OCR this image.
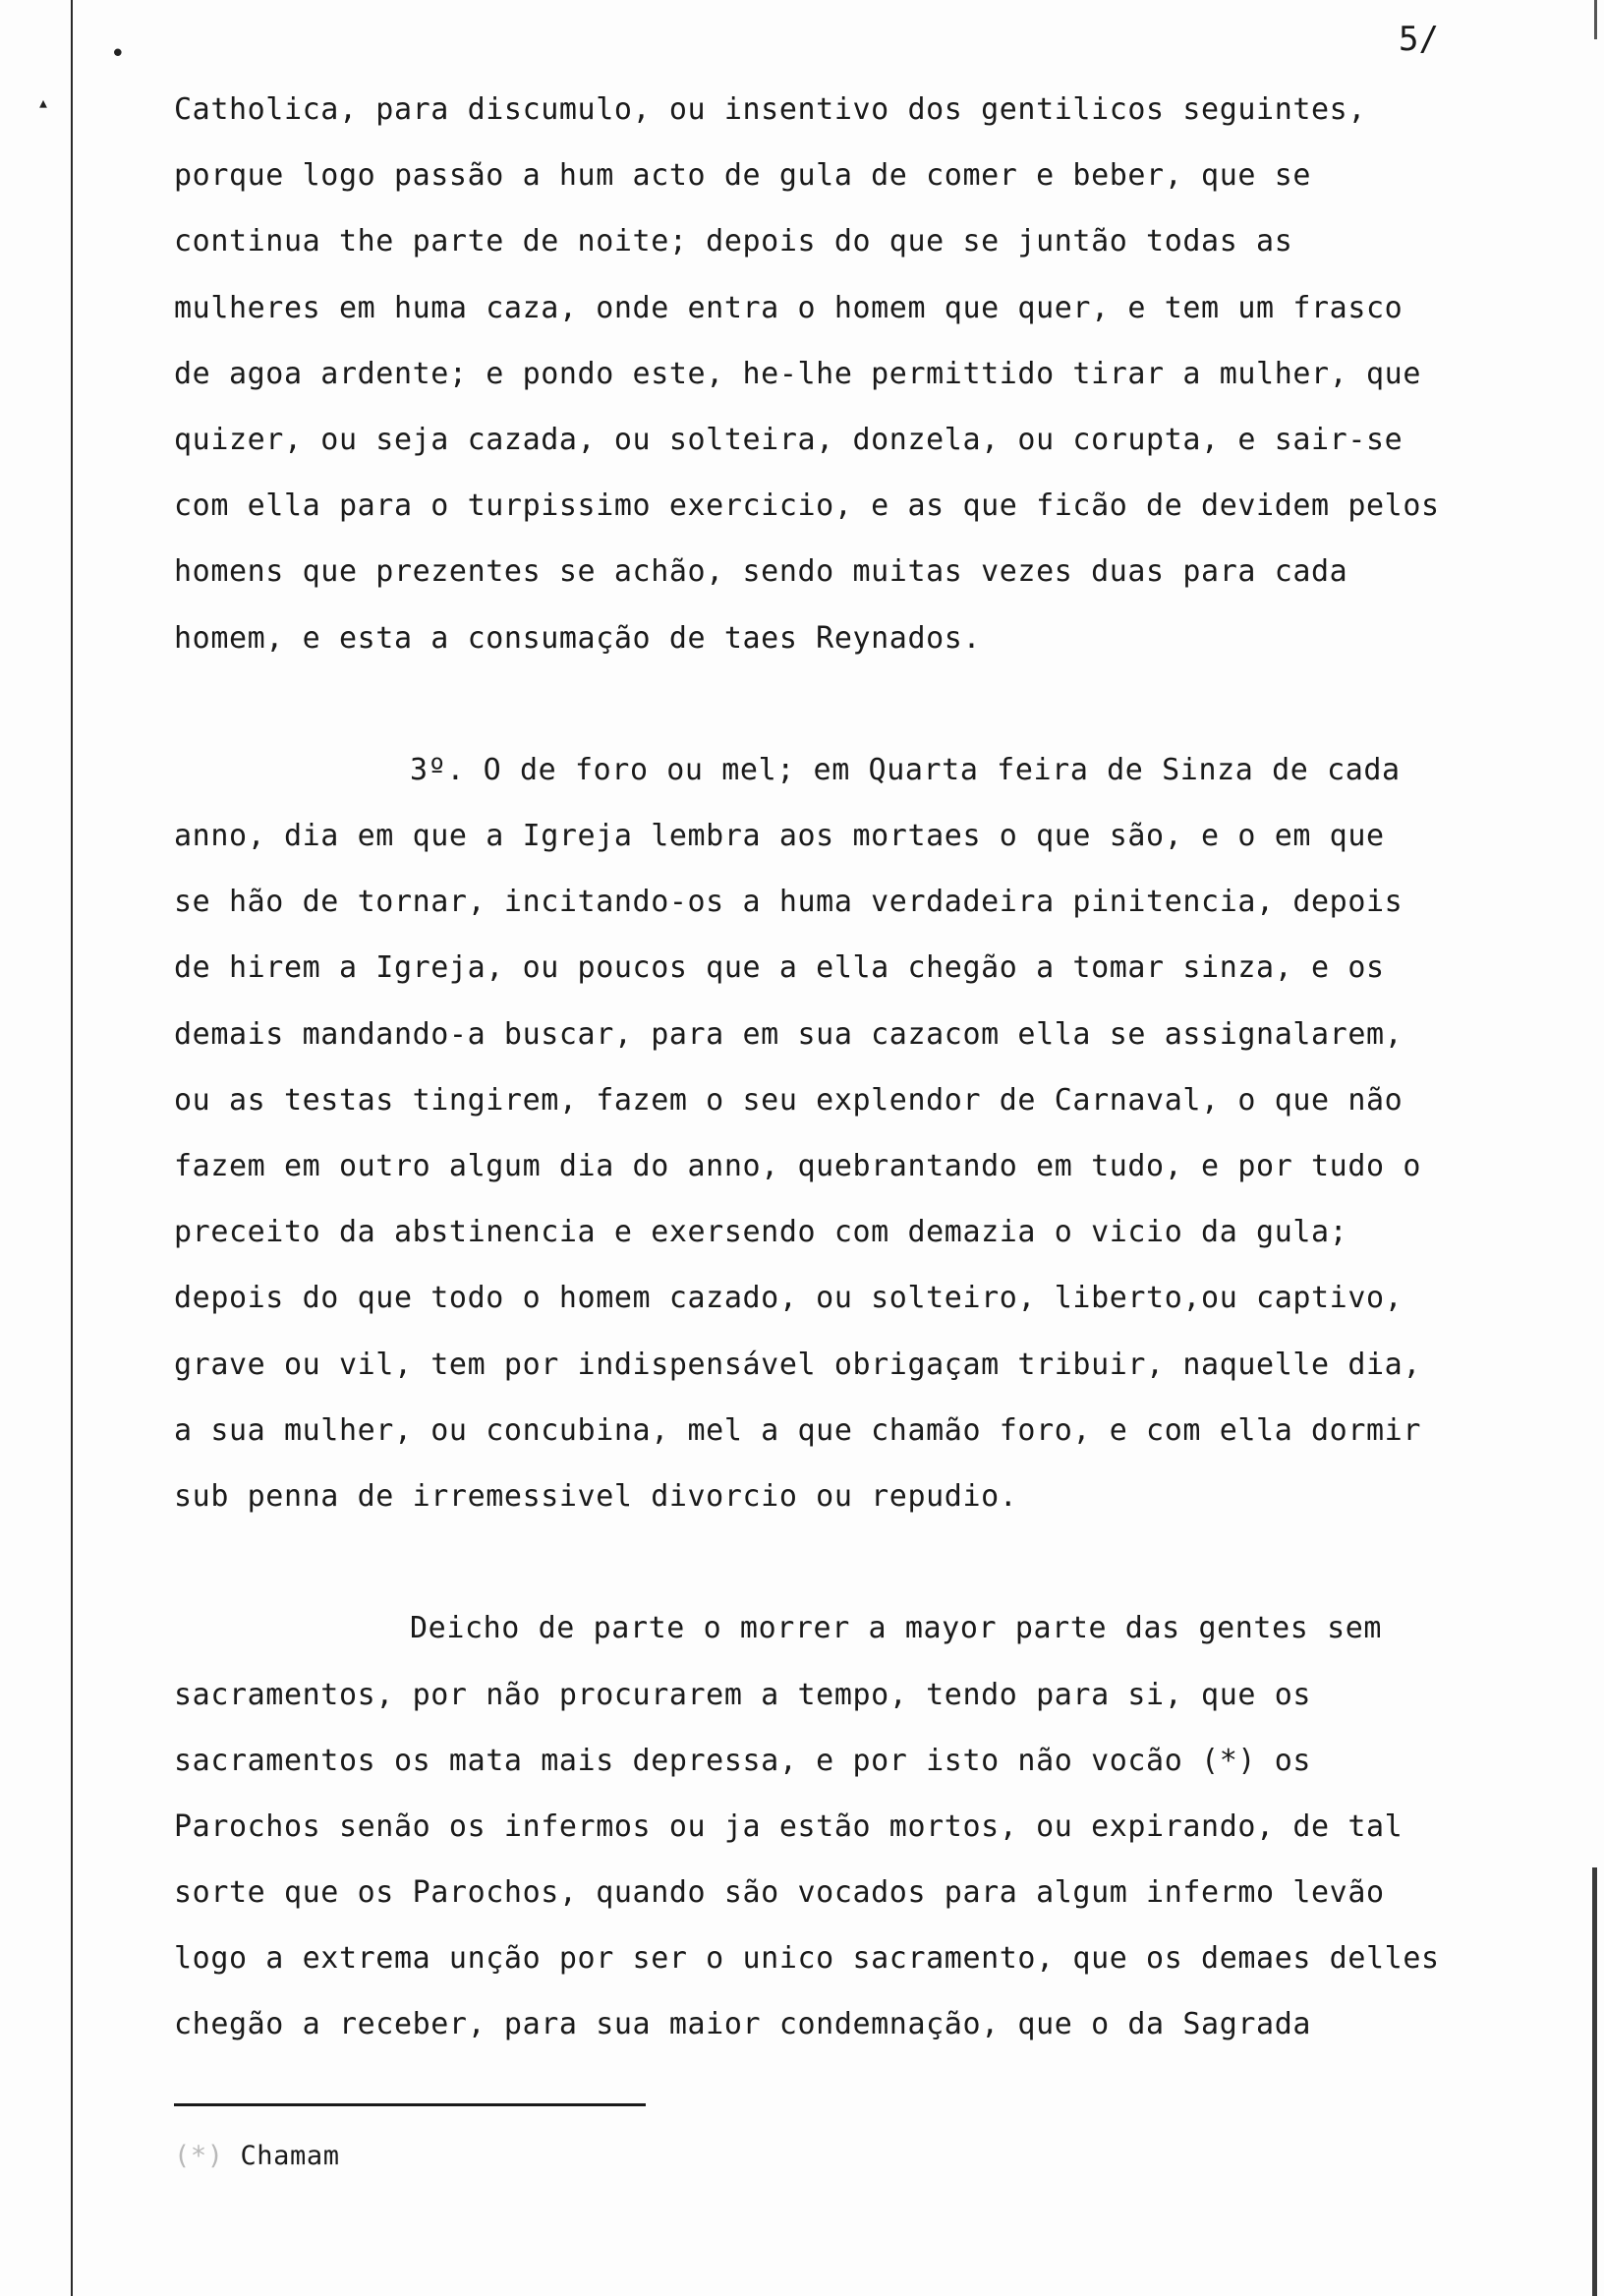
•
▴
5/
Catholica, para discumulo, ou insentivo dos gentilicos seguintes,
porque logo passão a hum acto de gula de comer e beber, que se
continua the parte de noite; depois do que se juntão todas as
mulheres em huma caza, onde entra o homem que quer, e tem um frasco
de agoa ardente; e pondo este, he-lhe permittido tirar a mulher, que
quizer, ou seja cazada, ou solteira, donzela, ou corupta, e sair-se
com ella para o turpissimo exercicio, e as que ficão de devidem pelos
homens que prezentes se achão, sendo muitas vezes duas para cada
homem, e esta a consumação de taes Reynados.
3º. O de foro ou mel; em Quarta feira de Sinza de cada
anno, dia em que a Igreja lembra aos mortaes o que são, e o em que
se hão de tornar, incitando-os a huma verdadeira pinitencia, depois
de hirem a Igreja, ou poucos que a ella chegão a tomar sinza, e os
demais mandando-a buscar, para em sua cazacom ella se assignalarem,
ou as testas tingirem, fazem o seu explendor de Carnaval, o que não
fazem em outro algum dia do anno, quebrantando em tudo, e por tudo o
preceito da abstinencia e exersendo com demazia o vicio da gula;
depois do que todo o homem cazado, ou solteiro, liberto,ou captivo,
grave ou vil, tem por indispensável obrigaçam tribuir, naquelle dia,
a sua mulher, ou concubina, mel a que chamão foro, e com ella dormir
sub penna de irremessivel divorcio ou repudio.
Deicho de parte o morrer a mayor parte das gentes sem
sacramentos, por não procurarem a tempo, tendo para si, que os
sacramentos os mata mais depressa, e por isto não vocão (*) os
Parochos senão os infermos ou ja estão mortos, ou expirando, de tal
sorte que os Parochos, quando são vocados para algum infermo levão
logo a extrema unção por ser o unico sacramento, que os demaes delles
chegão a receber, para sua maior condemnação, que o da Sagrada
(*) Chamam
